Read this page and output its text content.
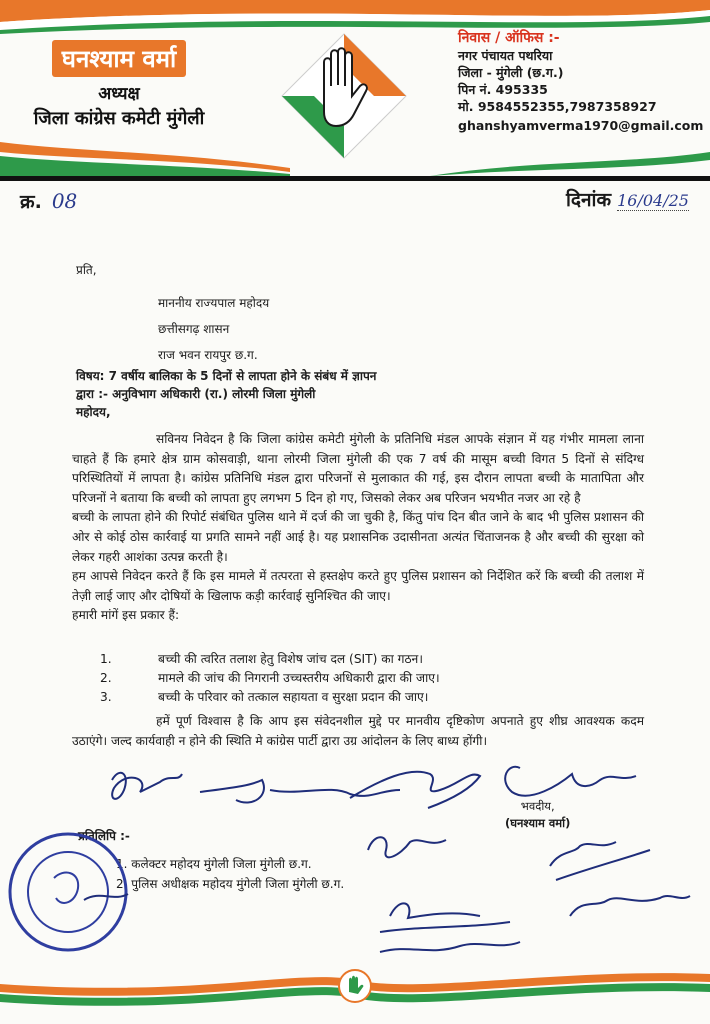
घनश्याम वर्मा
अध्यक्ष
जिला कांग्रेस कमेटी मुंगेली
निवास / ऑफिस :-
नगर पंचायत पथरिया
जिला - मुंगेली (छ.ग.)
पिन नं. 495335
मो. 9584552355,7987358927
ghanshyamverma1970@gmail.com
क्र. 08	दिनांक 16/04/25
प्रति,
माननीय राज्यपाल महोदय
छत्तीसगढ़ शासन
राज भवन रायपुर छ.ग.
विषय: 7 वर्षीय बालिका के 5 दिनों से लापता होने के संबंध में ज्ञापन
द्वारा :- अनुविभाग अधिकारी (रा.) लोरमी जिला मुंगेली
महोदय,

सविनय निवेदन है कि जिला कांग्रेस कमेटी मुंगेली के प्रतिनिधि मंडल आपके संज्ञान में यह गंभीर मामला लाना चाहते हैं कि हमारे क्षेत्र ग्राम कोसवाड़ी, थाना लोरमी जिला मुंगेली की एक 7 वर्ष की मासूम बच्ची विगत 5 दिनों से संदिग्ध परिस्थितियों में लापता है। कांग्रेस प्रतिनिधि मंडल द्वारा परिजनों से मुलाकात की गई, इस दौरान लापता बच्ची के मातापिता और परिजनों ने बताया कि बच्ची को लापता हुए लगभग 5 दिन हो गए, जिसको लेकर अब परिजन भयभीत नजर आ रहे है

बच्ची के लापता होने की रिपोर्ट संबंधित पुलिस थाने में दर्ज की जा चुकी है, किंतु पांच दिन बीत जाने के बाद भी पुलिस प्रशासन की ओर से कोई ठोस कार्रवाई या प्रगति सामने नहीं आई है। यह प्रशासनिक उदासीनता अत्यंत चिंताजनक है और बच्ची की सुरक्षा को लेकर गहरी आशंका उत्पन्न करती है।

हम आपसे निवेदन करते हैं कि इस मामले में तत्परता से हस्तक्षेप करते हुए पुलिस प्रशासन को निर्देशित करें कि बच्ची की तलाश में तेज़ी लाई जाए और दोषियों के खिलाफ कड़ी कार्रवाई सुनिश्चित की जाए।

हमारी मांगें इस प्रकार हैं:

1.	बच्ची की त्वरित तलाश हेतु विशेष जांच दल (SIT) का गठन।
2.	मामले की जांच की निगरानी उच्चस्तरीय अधिकारी द्वारा की जाए।
3.	बच्ची के परिवार को तत्काल सहायता व सुरक्षा प्रदान की जाए।

हमें पूर्ण विश्वास है कि आप इस संवेदनशील मुद्दे पर मानवीय दृष्टिकोण अपनाते हुए शीघ्र आवश्यक कदम उठाएंगे। जल्द कार्यवाही न होने की स्थिति मे कांग्रेस पार्टी द्वारा उग्र आंदोलन के लिए बाध्य होंगी।

भवदीय,
(घनश्याम वर्मा)
प्रतिलिपि :-
1. कलेक्टर महोदय मुंगेली जिला मुंगेली छ.ग.
2. पुलिस अधीक्षक महोदय मुंगेली जिला मुंगेली छ.ग.
